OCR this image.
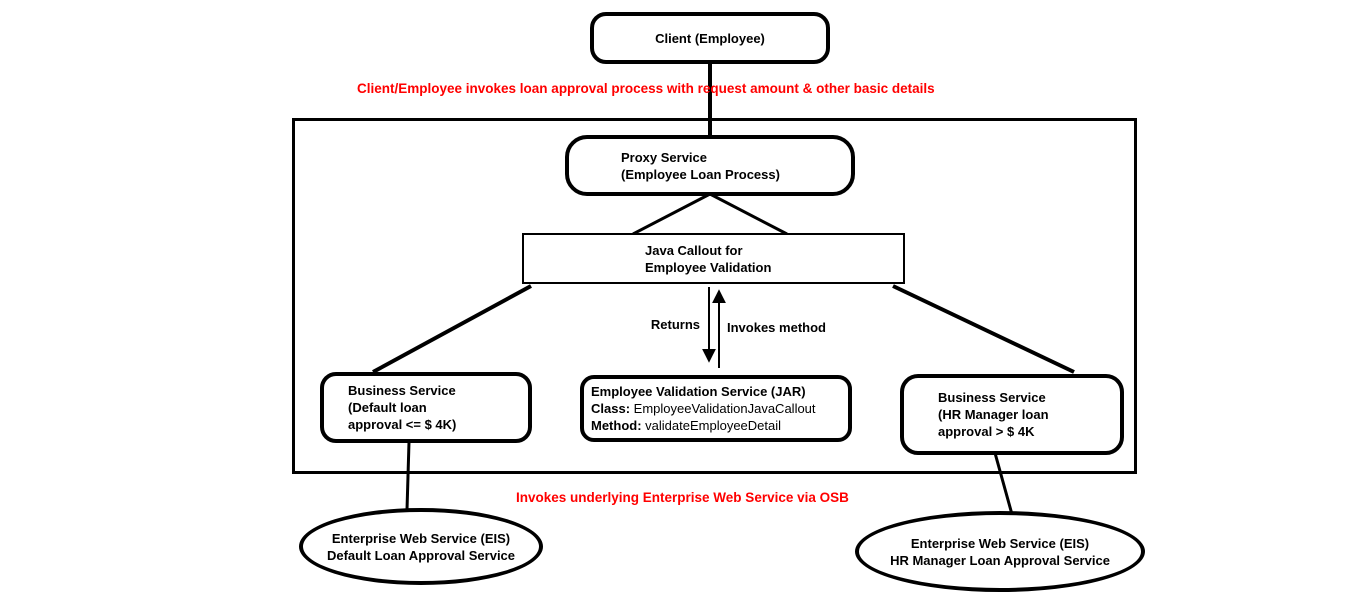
Client (Employee)
Client/Employee invokes loan approval process with request amount & other basic details
Proxy Service
(Employee Loan Process)
Java Callout for
Employee Validation
Returns Invokes method
Business Service
(Default loan
approval <= $ 4K)
Employee Validation Service (JAR)
Class: EmployeeValidationJavaCallout
Method: validateEmployeeDetail
Business Service
(HR Manager loan
approval > $ 4K
Invokes underlying Enterprise Web Service via OSB
Enterprise Web Service (EIS)
Default Loan Approval Service
Enterprise Web Service (EIS)
HR Manager Loan Approval Service
